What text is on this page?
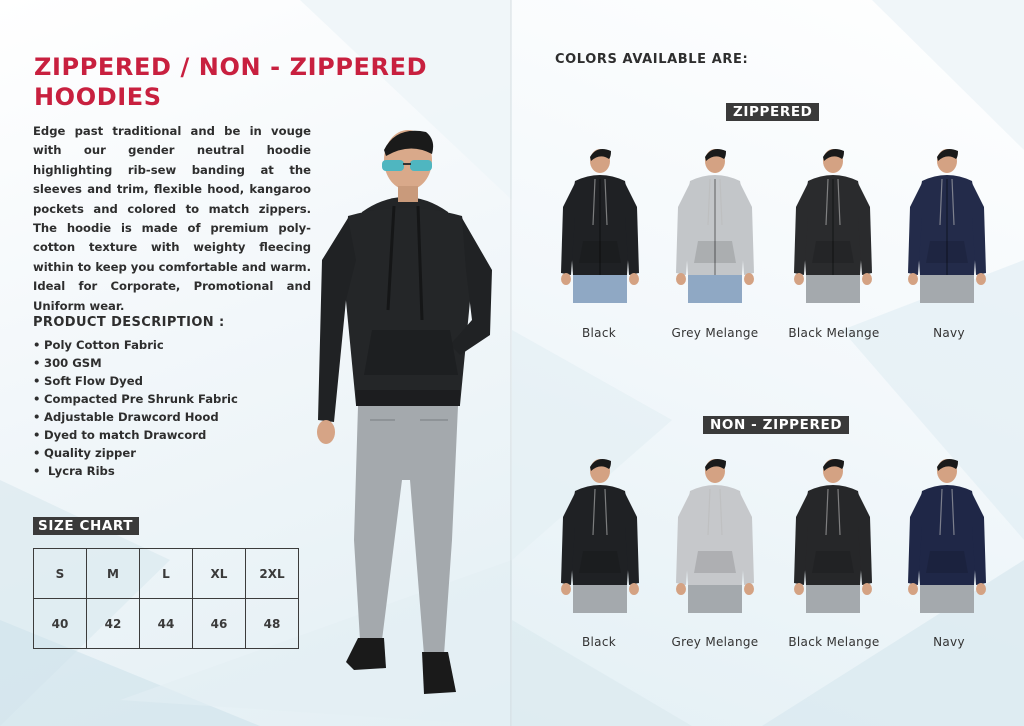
ZIPPERED / NON - ZIPPERED
HOODIES

Edge past traditional and be in vouge with our gender neutral hoodie highlighting rib-sew banding at the sleeves and trim, flexible hood, kangaroo pockets and colored to match zippers. The hoodie is made of premium poly-cotton texture with weighty fleecing within to keep you comfortable and warm. Ideal for Corporate, Promotional and Uniform wear.

PRODUCT DESCRIPTION :
• Poly Cotton Fabric
• 300 GSM
• Soft Flow Dyed
• Compacted Pre Shrunk Fabric
• Adjustable Drawcord Hood
• Dyed to match Drawcord
• Quality zipper
• Lycra Ribs
SIZE CHART
S	M	L	XL	2XL
40	42	44	46	48
COLORS AVAILABLE ARE:
ZIPPERED
NON - ZIPPERED
Black	Grey Melange	Black Melange	Navy
Black	Grey Melange	Black Melange	Navy
